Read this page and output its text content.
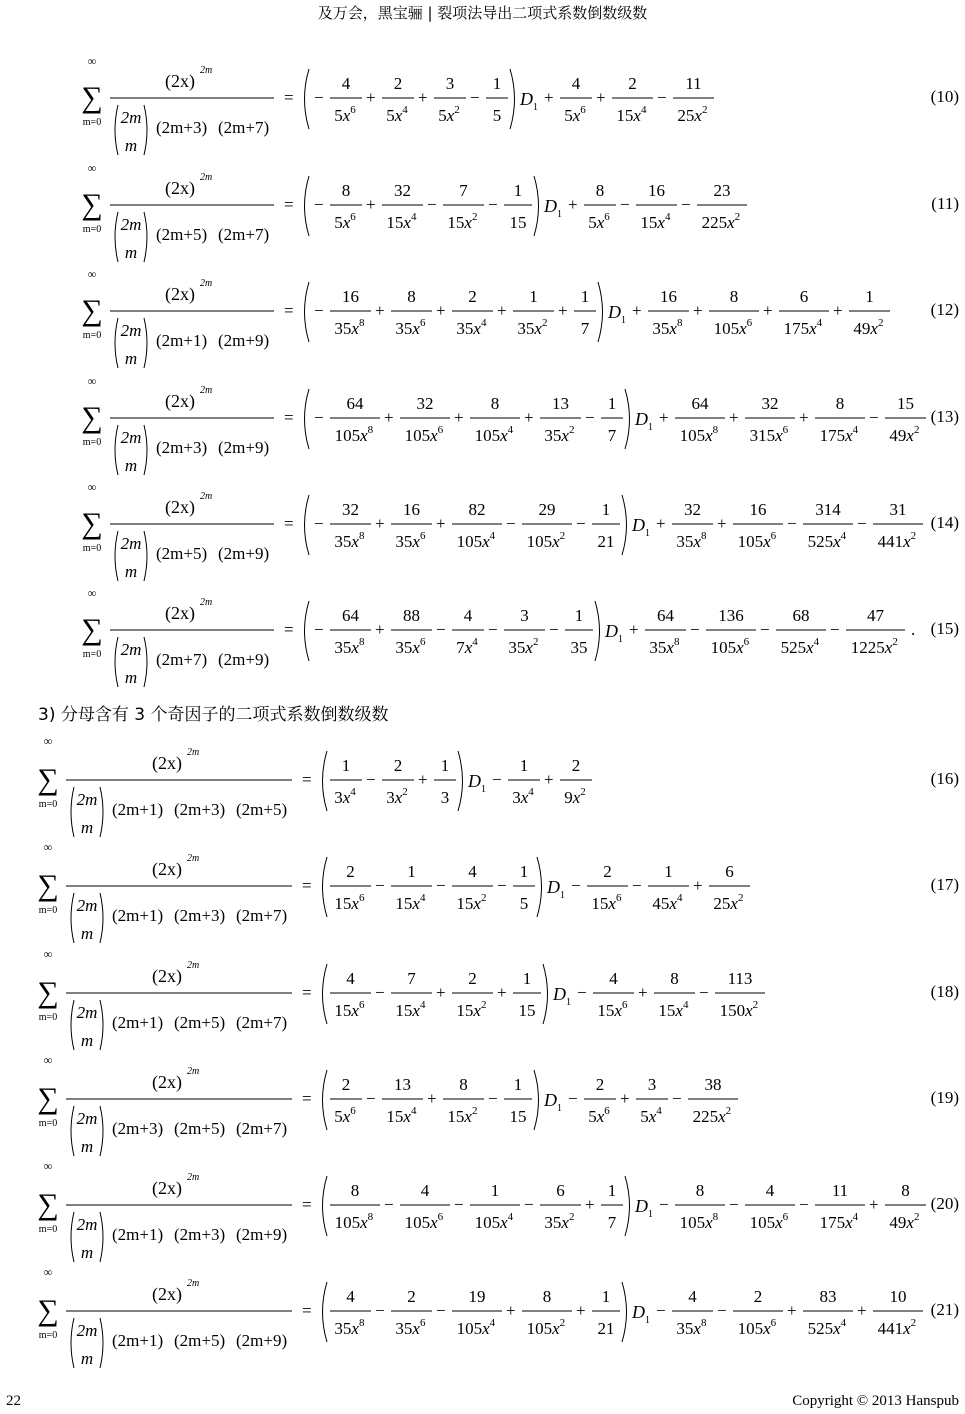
及万会，黑宝骊 | 裂项法导出二项式系数倒数级数
∞
∑
m=0
(2x)
2m
2m
m
(2m+3) (2m+7)
= −
4
$5x^6$
+
2
$5x^4$
+
3
$5x^2$
−
1
5
$D_1$
+
4
$5x^6$
+
2
$15x^4$
−
11
$25x^2$
(10)
∞
∑
m=0
(2x)
2m
2m
m
(2m+5) (2m+7)
= −
8
$5x^6$
+
32
$15x^4$
−
7
$15x^2$
−
1
15
$D_1$
+
8
$5x^6$
−
16
$15x^4$
−
23
$225x^2$
(11)
∞
∑
m=0
(2x)
2m
2m
m
(2m+1) (2m+9)
= −
16
$35x^8$
+
8
$35x^6$
+
2
$35x^4$
+
1
$35x^2$
+
1
7
$D_1$
+
16
$35x^8$
+
8
$105x^6$
+
6
$175x^4$
+
1
$49x^2$
(12)
∞
∑
m=0
(2x)
2m
2m
m
(2m+3) (2m+9)
= −
64
$105x^8$
+
32
$105x^6$
+
8
$105x^4$
+
13
$35x^2$
−
1
7
$D_1$
+
64
$105x^8$
+
32
$315x^6$
+
8
$175x^4$
−
15
$49x^2$
(13)
∞
∑
m=0
(2x)
2m
2m
m
(2m+5) (2m+9)
= −
32
$35x^8$
+
16
$35x^6$
+
82
$105x^4$
−
29
$105x^2$
−
1
21
$D_1$
+
32
$35x^8$
+
16
$105x^6$
−
314
$525x^4$
−
31
$441x^2$
(14)
∞
∑
m=0
(2x)
2m
2m
m
(2m+7) (2m+9)
= −
64
$35x^8$
+
88
$35x^6$
−
4
$7x^4$
−
3
$35x^2$
−
1
35
$D_1$
+
64
$35x^8$
−
136
$105x^6$
−
68
$525x^4$
−
47
$1225x^2$
. (15)
∞
∑
m=0
(2x)
2m
2m
m
(2m+1) (2m+3) (2m+5)
=
1
$3x^4$
−
2
$3x^2$
+
1
3
$D_1$
−
1
$3x^4$
+
2
$9x^2$
(16)
∞
∑
m=0
(2x)
2m
2m
m
(2m+1) (2m+3) (2m+7)
=
2
$15x^6$
−
1
$15x^4$
−
4
$15x^2$
−
1
5
$D_1$
−
2
$15x^6$
−
1
$45x^4$
+
6
$25x^2$
(17)
∞
∑
m=0
(2x)
2m
2m
m
(2m+1) (2m+5) (2m+7)
=
4
$15x^6$
−
7
$15x^4$
+
2
$15x^2$
+
1
15
$D_1$
−
4
$15x^6$
+
8
$15x^4$
−
113
$150x^2$
(18)
∞
∑
m=0
(2x)
2m
2m
m
(2m+3) (2m+5) (2m+7)
=
2
$5x^6$
−
13
$15x^4$
+
8
$15x^2$
−
1
15
$D_1$
−
2
$5x^6$
+
3
$5x^4$
−
38
$225x^2$
(19)
∞
∑
m=0
(2x)
2m
2m
m
(2m+1) (2m+3) (2m+9)
=
8
$105x^8$
−
4
$105x^6$
−
1
$105x^4$
−
6
$35x^2$
+
1
7
$D_1$
−
8
$105x^8$
−
4
$105x^6$
−
11
$175x^4$
+
8
$49x^2$
(20)
∞
∑
m=0
(2x)
2m
2m
m
(2m+1) (2m+5) (2m+9)
=
4
$35x^8$
−
2
$35x^6$
−
19
$105x^4$
+
8
$105x^2$
+
1
21
$D_1$
−
4
$35x^8$
−
2
$105x^6$
+
83
$525x^4$
+
10
$441x^2$
(21)
3) 分母含有 3 个奇因子的二项式系数倒数级数
22	Copyright © 2013 Hanspub
